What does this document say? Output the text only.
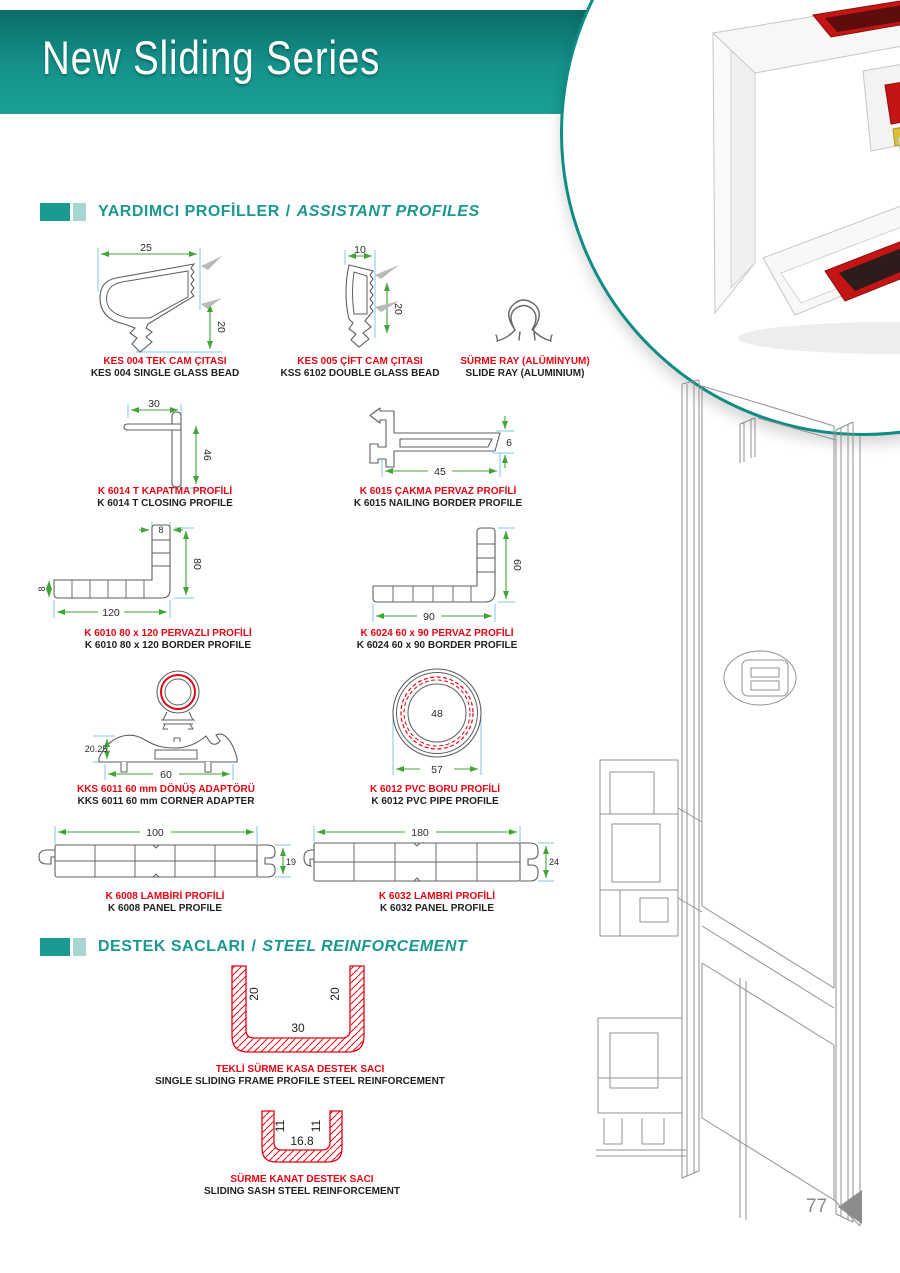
New Sliding Series
YARDIMCI PROFİLLER / ASSISTANT PROFILES
25
20
KES 004 TEK CAM ÇITASI
KES 004 SINGLE GLASS BEAD
10
20
KES 005 ÇİFT CAM ÇITASI
KSS 6102 DOUBLE GLASS BEAD
SÜRME RAY (ALÜMİNYUM)
SLIDE RAY (ALUMINIUM)
30
46
K 6014 T KAPATMA PROFİLİ
K 6014 T CLOSING PROFILE
45
6
K 6015 ÇAKMA PERVAZ PROFİLİ
K 6015 NAILING BORDER PROFILE
8
80
8
120
K 6010 80 x 120 PERVAZLI PROFİLİ
K 6010 80 x 120 BORDER PROFILE
60
90
K 6024 60 x 90 PERVAZ PROFİLİ
K 6024 60 x 90 BORDER PROFILE
20.25
60
KKS 6011 60 mm DÖNÜŞ ADAPTÖRÜ
KKS 6011 60 mm CORNER ADAPTER
48
57
K 6012 PVC BORU PROFİLİ
K 6012 PVC PIPE PROFILE
100
19
K 6008 LAMBİRİ PROFİLİ
K 6008 PANEL PROFILE
180
24
K 6032 LAMBRİ PROFİLİ
K 6032 PANEL PROFILE
DESTEK SACLARI / STEEL REINFORCEMENT
20	20
30
TEKLİ SÜRME KASA DESTEK SACI
SINGLE SLIDING FRAME PROFILE STEEL REINFORCEMENT
11 11
16.8
SÜRME KANAT DESTEK SACI
SLIDING SASH STEEL REINFORCEMENT
77
